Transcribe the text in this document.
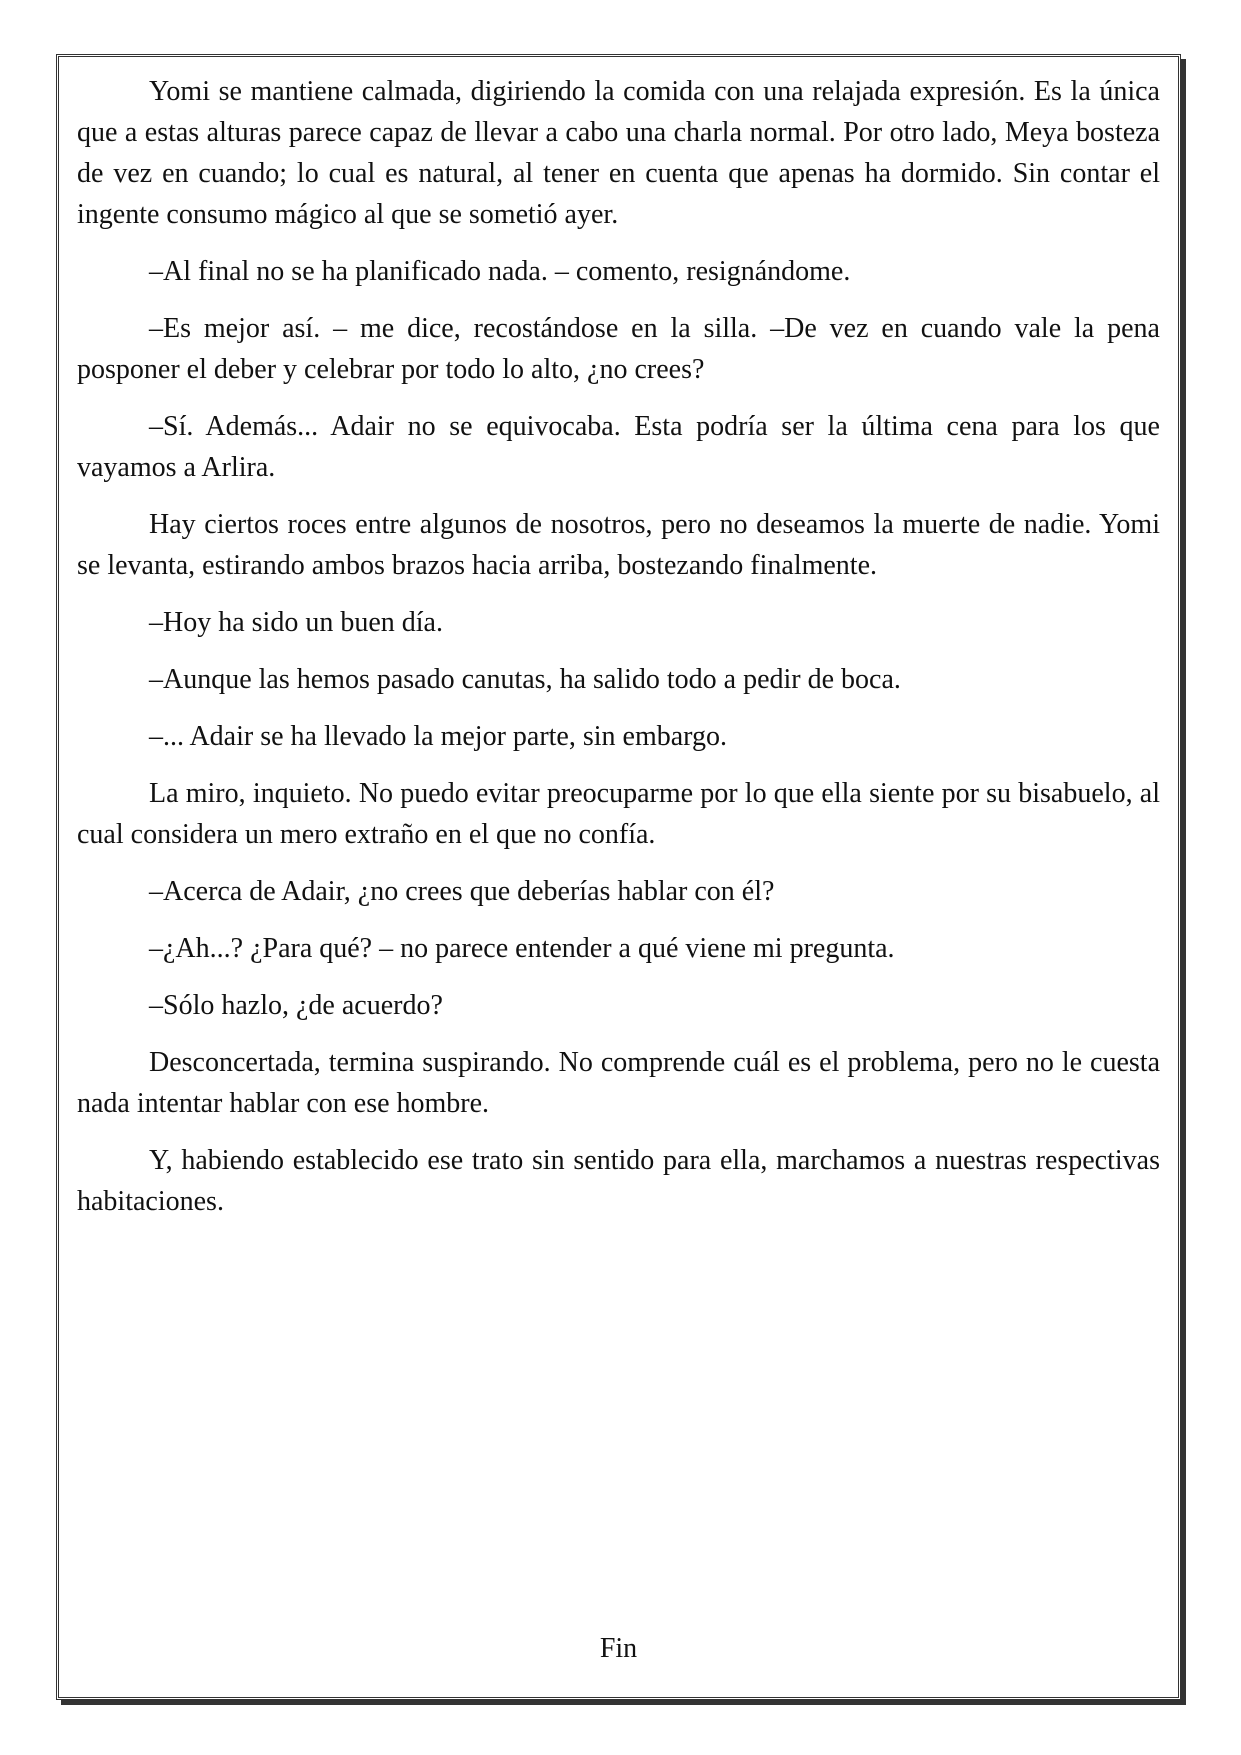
Yomi se mantiene calmada, digiriendo la comida con una relajada expresión. Es la única que a estas alturas parece capaz de llevar a cabo una charla normal. Por otro lado, Meya bosteza de vez en cuando; lo cual es natural, al tener en cuenta que apenas ha dormido. Sin contar el ingente consumo mágico al que se sometió ayer.

–Al final no se ha planificado nada. – comento, resignándome.

–Es mejor así. – me dice, recostándose en la silla. –De vez en cuando vale la pena posponer el deber y celebrar por todo lo alto, ¿no crees?

–Sí. Además... Adair no se equivocaba. Esta podría ser la última cena para los que vayamos a Arlira.

Hay ciertos roces entre algunos de nosotros, pero no deseamos la muerte de nadie. Yomi se levanta, estirando ambos brazos hacia arriba, bostezando finalmente.

–Hoy ha sido un buen día.

–Aunque las hemos pasado canutas, ha salido todo a pedir de boca.

–... Adair se ha llevado la mejor parte, sin embargo.

La miro, inquieto. No puedo evitar preocuparme por lo que ella siente por su bisabuelo, al cual considera un mero extraño en el que no confía.

–Acerca de Adair, ¿no crees que deberías hablar con él?

–¿Ah...? ¿Para qué? – no parece entender a qué viene mi pregunta.

–Sólo hazlo, ¿de acuerdo?

Desconcertada, termina suspirando. No comprende cuál es el problema, pero no le cuesta nada intentar hablar con ese hombre.

Y, habiendo establecido ese trato sin sentido para ella, marchamos a nuestras respectivas habitaciones.

Fin
